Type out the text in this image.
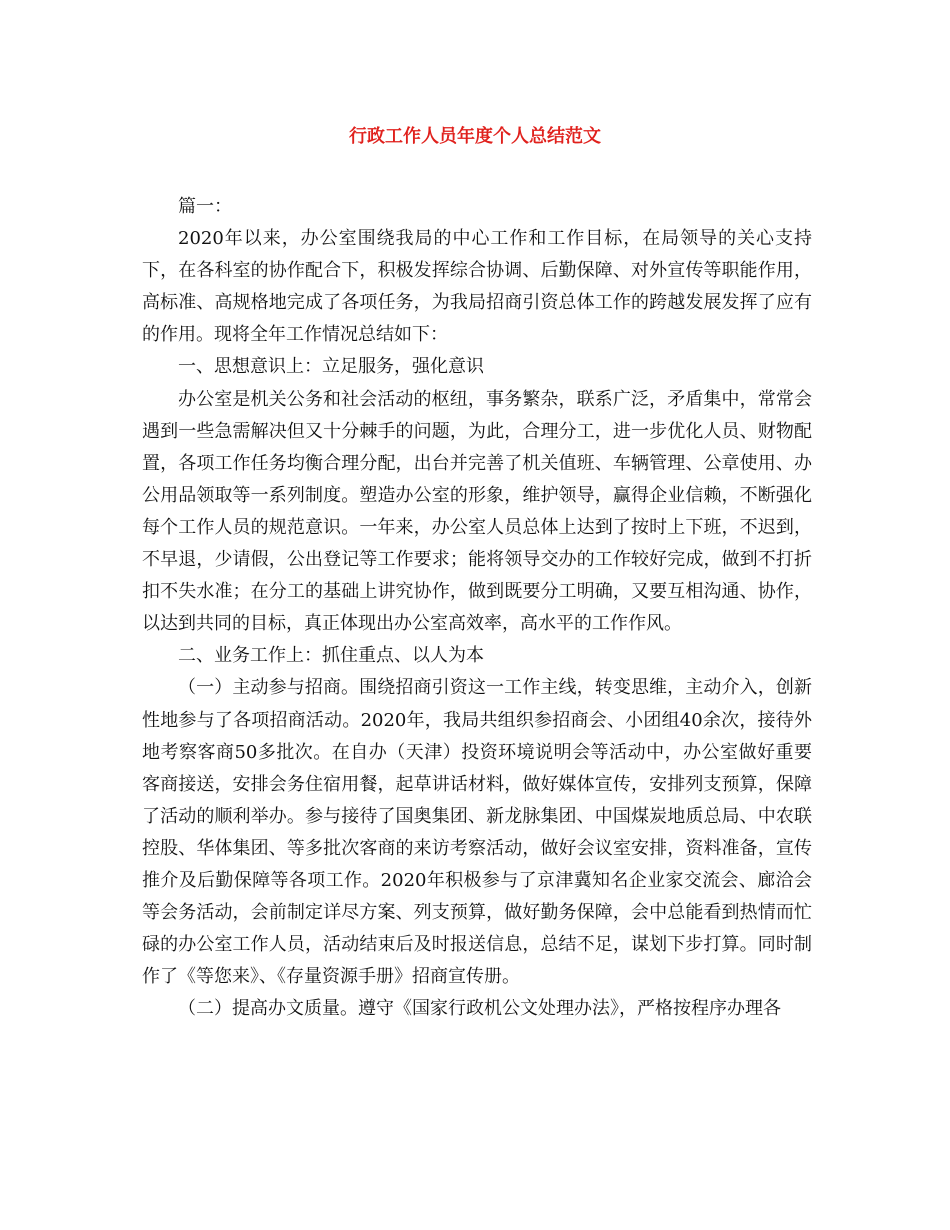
行政工作人员年度个人总结范文

篇一：

2020年以来，办公室围绕我局的中心工作和工作目标，在局领导的关心支持下，在各科室的协作配合下，积极发挥综合协调、后勤保障、对外宣传等职能作用，高标准、高规格地完成了各项任务，为我局招商引资总体工作的跨越发展发挥了应有的作用。现将全年工作情况总结如下：

一、思想意识上：立足服务，强化意识

办公室是机关公务和社会活动的枢纽，事务繁杂，联系广泛，矛盾集中，常常会遇到一些急需解决但又十分棘手的问题，为此，合理分工，进一步优化人员、财物配置，各项工作任务均衡合理分配，出台并完善了机关值班、车辆管理、公章使用、办公用品领取等一系列制度。塑造办公室的形象，维护领导，赢得企业信赖，不断强化每个工作人员的规范意识。一年来，办公室人员总体上达到了按时上下班，不迟到，不早退，少请假，公出登记等工作要求；能将领导交办的工作较好完成，做到不打折扣不失水准；在分工的基础上讲究协作，做到既要分工明确，又要互相沟通、协作，以达到共同的目标，真正体现出办公室高效率，高水平的工作作风。

二、业务工作上：抓住重点、以人为本

（一）主动参与招商。围绕招商引资这一工作主线，转变思维，主动介入，创新性地参与了各项招商活动。2020年，我局共组织参招商会、小团组40余次，接待外地考察客商50多批次。在自办（天津）投资环境说明会等活动中，办公室做好重要客商接送，安排会务住宿用餐，起草讲话材料，做好媒体宣传，安排列支预算，保障了活动的顺利举办。参与接待了国奥集团、新龙脉集团、中国煤炭地质总局、中农联控股、华体集团、等多批次客商的来访考察活动，做好会议室安排，资料准备，宣传推介及后勤保障等各项工作。2020年积极参与了京津冀知名企业家交流会、廊洽会等会务活动，会前制定详尽方案、列支预算，做好勤务保障，会中总能看到热情而忙碌的办公室工作人员，活动结束后及时报送信息，总结不足，谋划下步打算。同时制作了《等您来》、《存量资源手册》招商宣传册。

（二）提高办文质量。遵守《国家行政机公文处理办法》，严格按程序办理各
